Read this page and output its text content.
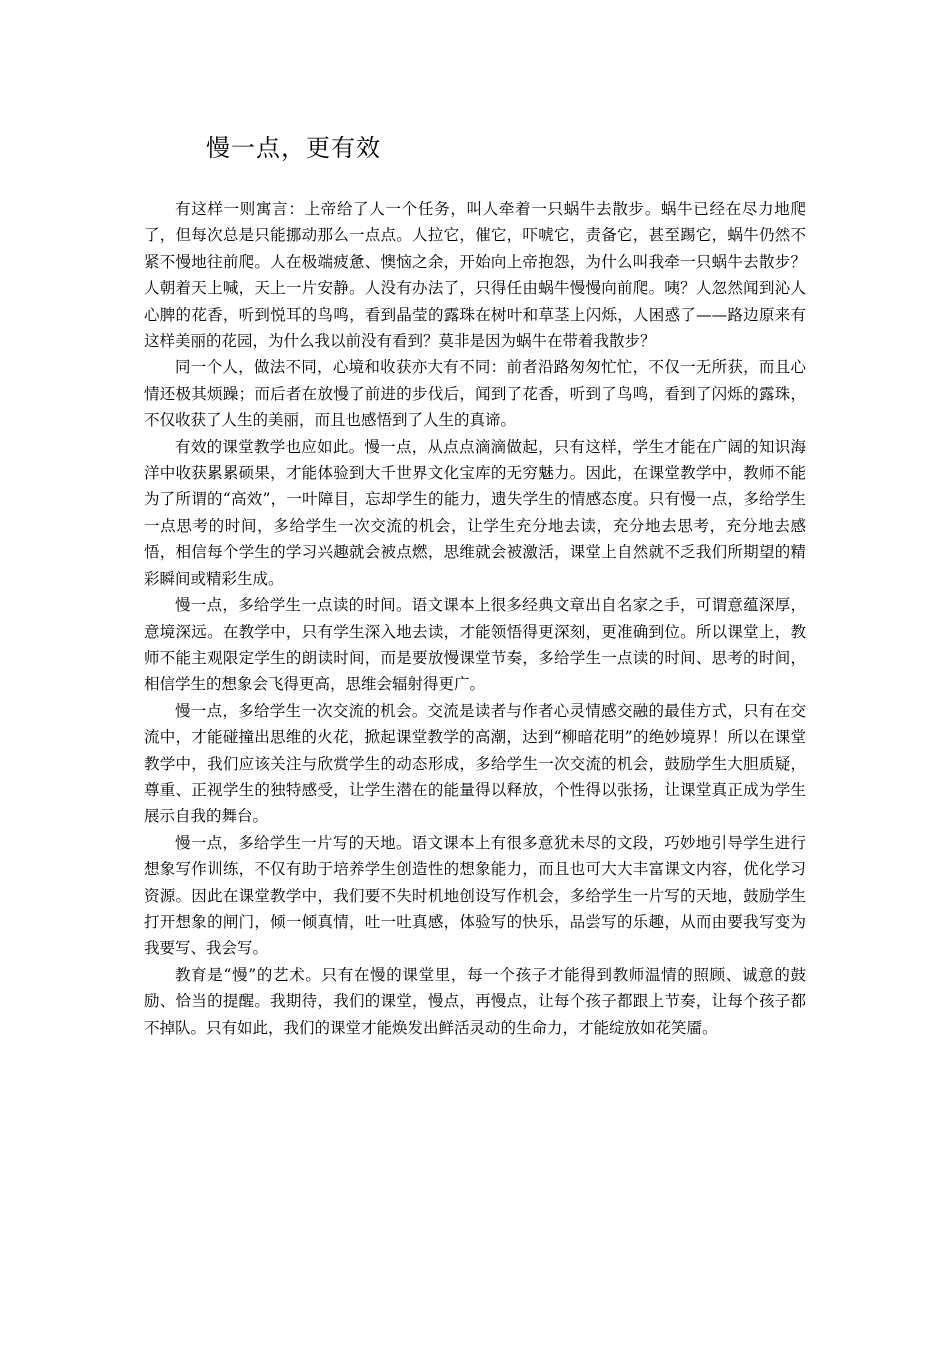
慢一点，更有效

有这样一则寓言：上帝给了人一个任务，叫人牵着一只蜗牛去散步。蜗牛已经在尽力地爬了，但每次总是只能挪动那么一点点。人拉它，催它，吓唬它，责备它，甚至踢它，蜗牛仍然不紧不慢地往前爬。人在极端疲惫、懊恼之余，开始向上帝抱怨，为什么叫我牵一只蜗牛去散步？人朝着天上喊，天上一片安静。人没有办法了，只得任由蜗牛慢慢向前爬。咦？人忽然闻到沁人心脾的花香，听到悦耳的鸟鸣，看到晶莹的露珠在树叶和草茎上闪烁，人困惑了——路边原来有这样美丽的花园，为什么我以前没有看到？莫非是因为蜗牛在带着我散步？

同一个人，做法不同，心境和收获亦大有不同：前者沿路匆匆忙忙，不仅一无所获，而且心情还极其烦躁；而后者在放慢了前进的步伐后，闻到了花香，听到了鸟鸣，看到了闪烁的露珠，不仅收获了人生的美丽，而且也感悟到了人生的真谛。

有效的课堂教学也应如此。慢一点，从点点滴滴做起，只有这样，学生才能在广阔的知识海洋中收获累累硕果，才能体验到大千世界文化宝库的无穷魅力。因此，在课堂教学中，教师不能为了所谓的“高效”，一叶障目，忘却学生的能力，遗失学生的情感态度。只有慢一点，多给学生一点思考的时间，多给学生一次交流的机会，让学生充分地去读，充分地去思考，充分地去感悟，相信每个学生的学习兴趣就会被点燃，思维就会被激活，课堂上自然就不乏我们所期望的精彩瞬间或精彩生成。

慢一点，多给学生一点读的时间。语文课本上很多经典文章出自名家之手，可谓意蕴深厚，意境深远。在教学中，只有学生深入地去读，才能领悟得更深刻，更准确到位。所以课堂上，教师不能主观限定学生的朗读时间，而是要放慢课堂节奏，多给学生一点读的时间、思考的时间，相信学生的想象会飞得更高，思维会辐射得更广。

慢一点，多给学生一次交流的机会。交流是读者与作者心灵情感交融的最佳方式，只有在交流中，才能碰撞出思维的火花，掀起课堂教学的高潮，达到“柳暗花明”的绝妙境界！所以在课堂教学中，我们应该关注与欣赏学生的动态形成，多给学生一次交流的机会，鼓励学生大胆质疑，尊重、正视学生的独特感受，让学生潜在的能量得以释放，个性得以张扬，让课堂真正成为学生展示自我的舞台。

慢一点，多给学生一片写的天地。语文课本上有很多意犹未尽的文段，巧妙地引导学生进行想象写作训练，不仅有助于培养学生创造性的想象能力，而且也可大大丰富课文内容，优化学习资源。因此在课堂教学中，我们要不失时机地创设写作机会，多给学生一片写的天地，鼓励学生打开想象的闸门，倾一倾真情，吐一吐真感，体验写的快乐，品尝写的乐趣，从而由要我写变为我要写、我会写。

教育是“慢”的艺术。只有在慢的课堂里，每一个孩子才能得到教师温情的照顾、诚意的鼓励、恰当的提醒。我期待，我们的课堂，慢点，再慢点，让每个孩子都跟上节奏，让每个孩子都不掉队。只有如此，我们的课堂才能焕发出鲜活灵动的生命力，才能绽放如花笑靥。
